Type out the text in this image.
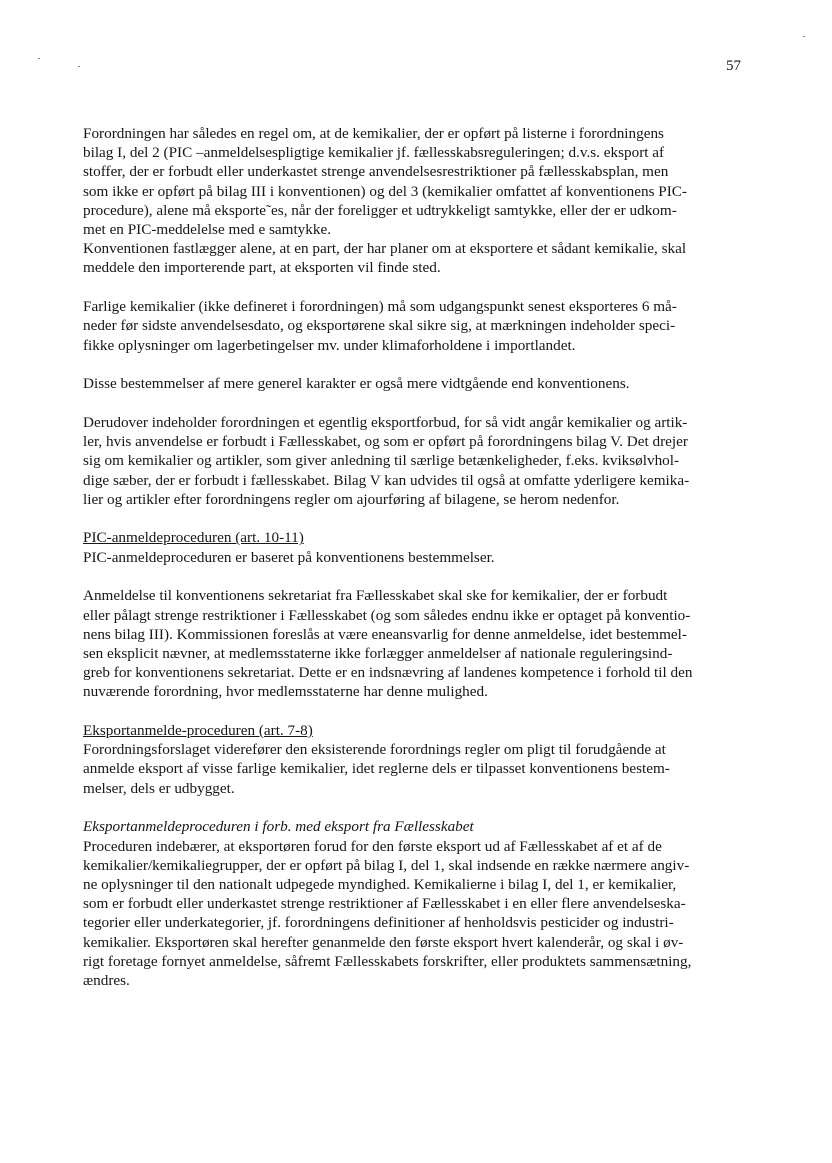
57
Forordningen har således en regel om, at de kemikalier, der er opført på listerne i forordningens
bilag I, del 2 (PIC –anmeldelsespligtige kemikalier jf. fællesskabsreguleringen; d.v.s. eksport af
stoffer, der er forbudt eller underkastet strenge anvendelsesrestriktioner på fællesskabsplan, men
som ikke er opført på bilag III i konventionen) og del 3 (kemikalier omfattet af konventionens PIC-
procedure), alene må eksporte˜es, når der foreligger et udtrykkeligt samtykke, eller der er udkom-
met en PIC-meddelelse med e samtykke.
Konventionen fastlægger alene, at en part, der har planer om at eksportere et sådant kemikalie, skal
meddele den importerende part, at eksporten vil finde sted.
Farlige kemikalier (ikke defineret i forordningen) må som udgangspunkt senest eksporteres 6 må-
neder før sidste anvendelsesdato, og eksportørene skal sikre sig, at mærkningen indeholder speci-
fikke oplysninger om lagerbetingelser mv. under klimaforholdene i importlandet.
Disse bestemmelser af mere generel karakter er også mere vidtgående end konventionens.
Derudover indeholder forordningen et egentlig eksportforbud, for så vidt angår kemikalier og artik-
ler, hvis anvendelse er forbudt i Fællesskabet, og som er opført på forordningens bilag V. Det drejer
sig om kemikalier og artikler, som giver anledning til særlige betænkeligheder, f.eks. kviksølvhol-
dige sæber, der er forbudt i fællesskabet. Bilag V kan udvides til også at omfatte yderligere kemika-
lier og artikler efter forordningens regler om ajourføring af bilagene, se herom nedenfor.
PIC-anmeldeproceduren (art. 10-11)
PIC-anmeldeproceduren er baseret på konventionens bestemmelser.
Anmeldelse til konventionens sekretariat fra Fællesskabet skal ske for kemikalier, der er forbudt
eller pålagt strenge restriktioner i Fællesskabet (og som således endnu ikke er optaget på konventio-
nens bilag III). Kommissionen foreslås at være eneansvarlig for denne anmeldelse, idet bestemmel-
sen eksplicit nævner, at medlemsstaterne ikke forlægger anmeldelser af nationale reguleringsind-
greb for konventionens sekretariat. Dette er en indsnævring af landenes kompetence i forhold til den
nuværende forordning, hvor medlemsstaterne har denne mulighed.
Eksportanmelde-proceduren (art. 7-8)
Forordningsforslaget viderefører den eksisterende forordnings regler om pligt til forudgående at
anmelde eksport af visse farlige kemikalier, idet reglerne dels er tilpasset konventionens bestem-
melser, dels er udbygget.
Eksportanmeldeproceduren i forb. med eksport fra Fællesskabet
Proceduren indebærer, at eksportøren forud for den første eksport ud af Fællesskabet af et af de
kemikalier/kemikaliegrupper, der er opført på bilag I, del 1, skal indsende en række nærmere angiv-
ne oplysninger til den nationalt udpegede myndighed. Kemikalierne i bilag I, del 1, er kemikalier,
som er forbudt eller underkastet strenge restriktioner af Fællesskabet i en eller flere anvendelseska-
tegorier eller underkategorier, jf. forordningens definitioner af henholdsvis pesticider og industri-
kemikalier. Eksportøren skal herefter genanmelde den første eksport hvert kalenderår, og skal i øv-
rigt foretage fornyet anmeldelse, såfremt Fællesskabets forskrifter, eller produktets sammensætning,
ændres.
